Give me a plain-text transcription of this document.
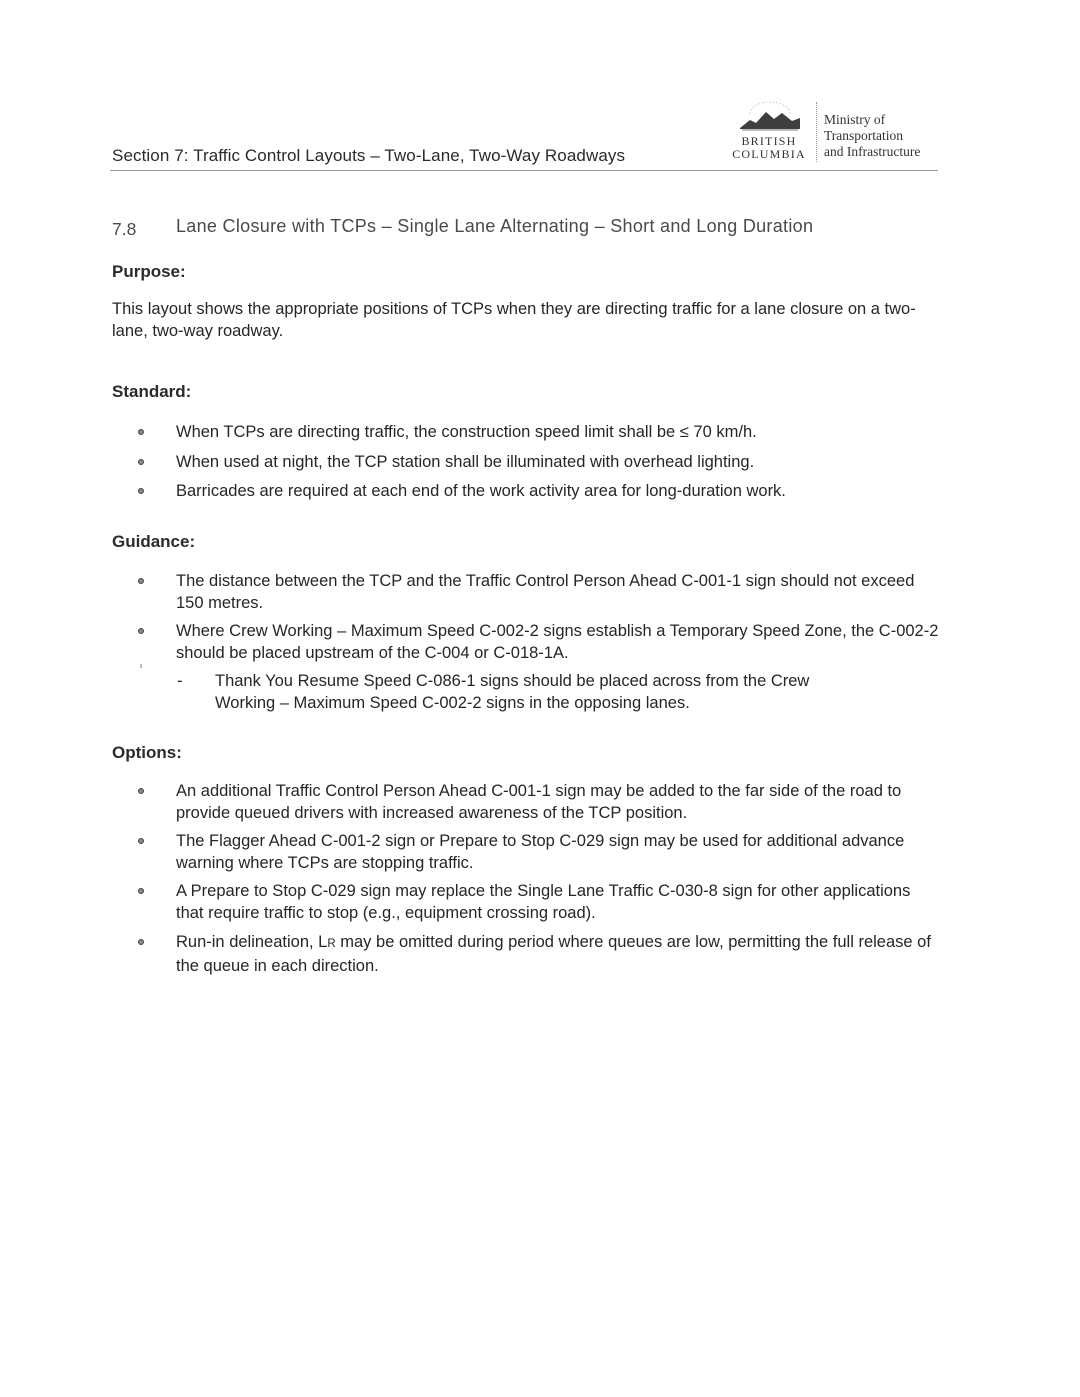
Section 7: Traffic Control Layouts – Two-Lane, Two-Way Roadways
BRITISH
COLUMBIA
Ministry of
Transportation
and Infrastructure
7.8 Lane Closure with TCPs – Single Lane Alternating – Short and Long Duration
Purpose:
This layout shows the appropriate positions of TCPs when they are directing traffic for a lane closure on a two-lane, two-way roadway.
Standard:
When TCPs are directing traffic, the construction speed limit shall be ≤ 70 km/h.
When used at night, the TCP station shall be illuminated with overhead lighting.
Barricades are required at each end of the work activity area for long-duration work.
Guidance:
The distance between the TCP and the Traffic Control Person Ahead C-001-1 sign should not exceed 150 metres.
Where Crew Working – Maximum Speed C-002-2 signs establish a Temporary Speed Zone, the C-002-2 should be placed upstream of the C-004 or C-018-1A.
- Thank You Resume Speed C-086-1 signs should be placed across from the Crew Working – Maximum Speed C-002-2 signs in the opposing lanes.
Options:
An additional Traffic Control Person Ahead C-001-1 sign may be added to the far side of the road to provide queued drivers with increased awareness of the TCP position.
The Flagger Ahead C-001-2 sign or Prepare to Stop C-029 sign may be used for additional advance warning where TCPs are stopping traffic.
A Prepare to Stop C-029 sign may replace the Single Lane Traffic C-030-8 sign for other applications that require traffic to stop (e.g., equipment crossing road).
Run-in delineation, LR may be omitted during period where queues are low, permitting the full release of the queue in each direction.
